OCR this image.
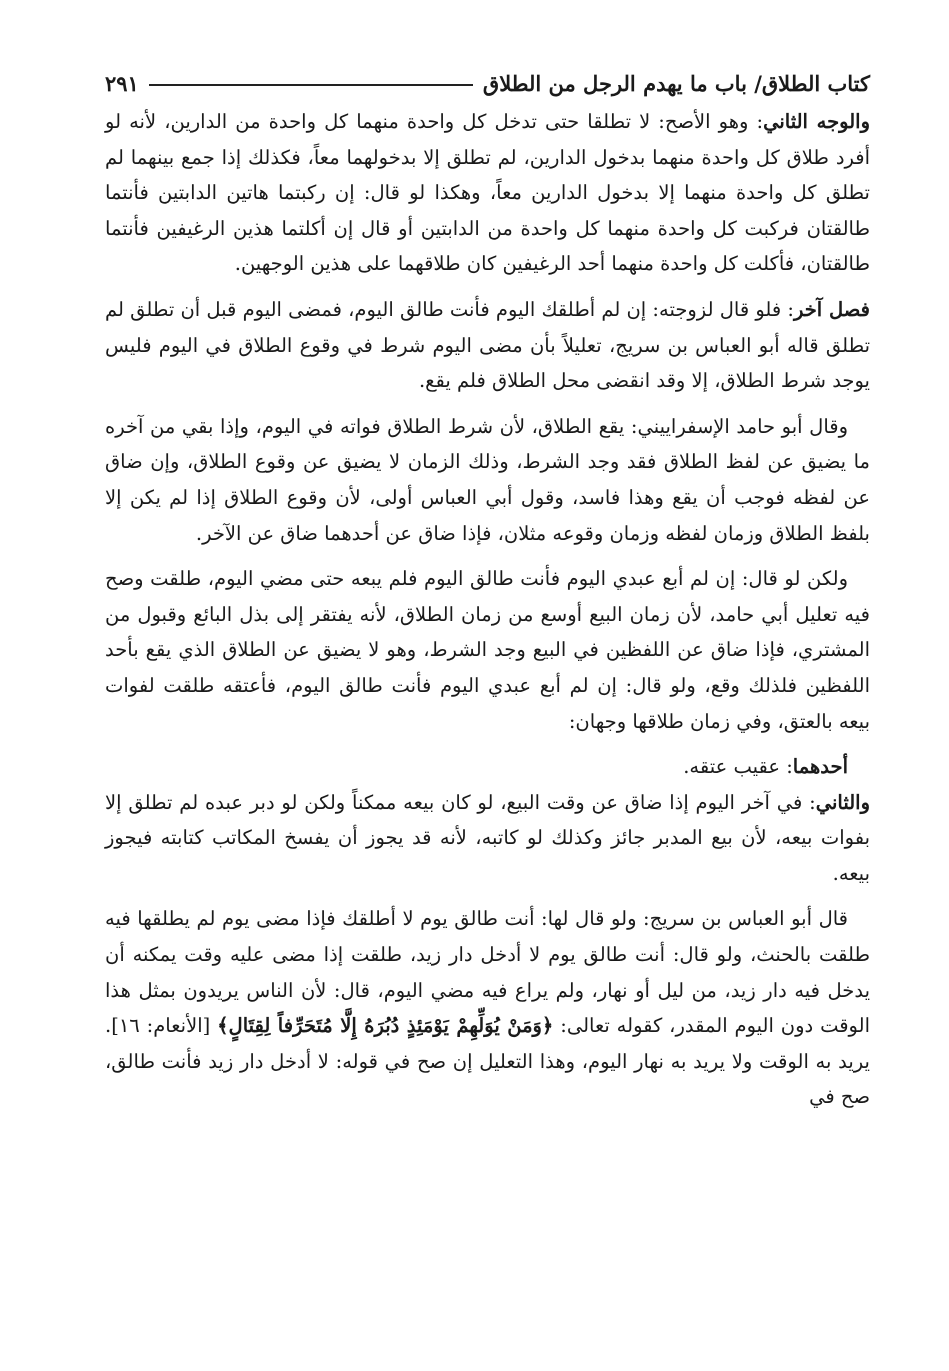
كتاب الطلاق/ باب ما يهدم الرجل من الطلاق
٢٩١

والوجه الثاني: وهو الأصح: لا تطلقا حتى تدخل كل واحدة منهما كل واحدة من الدارين، لأنه لو أفرد طلاق كل واحدة منهما بدخول الدارين، لم تطلق إلا بدخولهما معاً، فكذلك إذا جمع بينهما لم تطلق كل واحدة منهما إلا بدخول الدارين معاً، وهكذا لو قال: إن ركبتما هاتين الدابتين فأنتما طالقتان فركبت كل واحدة منهما كل واحدة من الدابتين أو قال إن أكلتما هذين الرغيفين فأنتما طالقتان، فأكلت كل واحدة منهما أحد الرغيفين كان طلاقهما على هذين الوجهين.

فصل آخر: فلو قال لزوجته: إن لم أطلقك اليوم فأنت طالق اليوم، فمضى اليوم قبل أن تطلق لم تطلق قاله أبو العباس بن سريج، تعليلاً بأن مضى اليوم شرط في وقوع الطلاق في اليوم فليس يوجد شرط الطلاق، إلا وقد انقضى محل الطلاق فلم يقع.

وقال أبو حامد الإسفراييني: يقع الطلاق، لأن شرط الطلاق فواته في اليوم، وإذا بقي من آخره ما يضيق عن لفظ الطلاق فقد وجد الشرط، وذلك الزمان لا يضيق عن وقوع الطلاق، وإن ضاق عن لفظه فوجب أن يقع وهذا فاسد، وقول أبي العباس أولى، لأن وقوع الطلاق إذا لم يكن إلا بلفظ الطلاق وزمان لفظه وزمان وقوعه مثلان، فإذا ضاق عن أحدهما ضاق عن الآخر.

ولكن لو قال: إن لم أبع عبدي اليوم فأنت طالق اليوم فلم يبعه حتى مضي اليوم، طلقت وصح فيه تعليل أبي حامد، لأن زمان البيع أوسع من زمان الطلاق، لأنه يفتقر إلى بذل البائع وقبول من المشتري، فإذا ضاق عن اللفظين في البيع وجد الشرط، وهو لا يضيق عن الطلاق الذي يقع بأحد اللفظين فلذلك وقع، ولو قال: إن لم أبع عبدي اليوم فأنت طالق اليوم، فأعتقه طلقت لفوات بيعه بالعتق، وفي زمان طلاقها وجهان:

أحدهما: عقيب عتقه.

والثاني: في آخر اليوم إذا ضاق عن وقت البيع، لو كان بيعه ممكناً ولكن لو دبر عبده لم تطلق إلا بفوات بيعه، لأن بيع المدبر جائز وكذلك لو كاتبه، لأنه قد يجوز أن يفسخ المكاتب كتابته فيجوز بيعه.

قال أبو العباس بن سريج: ولو قال لها: أنت طالق يوم لا أطلقك فإذا مضى يوم لم يطلقها فيه طلقت بالحنث، ولو قال: أنت طالق يوم لا أدخل دار زيد، طلقت إذا مضى عليه وقت يمكنه أن يدخل فيه دار زيد، من ليل أو نهار، ولم يراع فيه مضي اليوم، قال: لأن الناس يريدون بمثل هذا الوقت دون اليوم المقدر، كقوله تعالى: ﴿وَمَنْ يُوَلِّهِمْ يَوْمَئِذٍ دُبُرَهُ إِلَّا مُتَحَرِّفاً لِقِتَالٍ﴾ [الأنعام: ١٦]. يريد به الوقت ولا يريد به نهار اليوم، وهذا التعليل إن صح في قوله: لا أدخل دار زيد فأنت طالق، صح في
